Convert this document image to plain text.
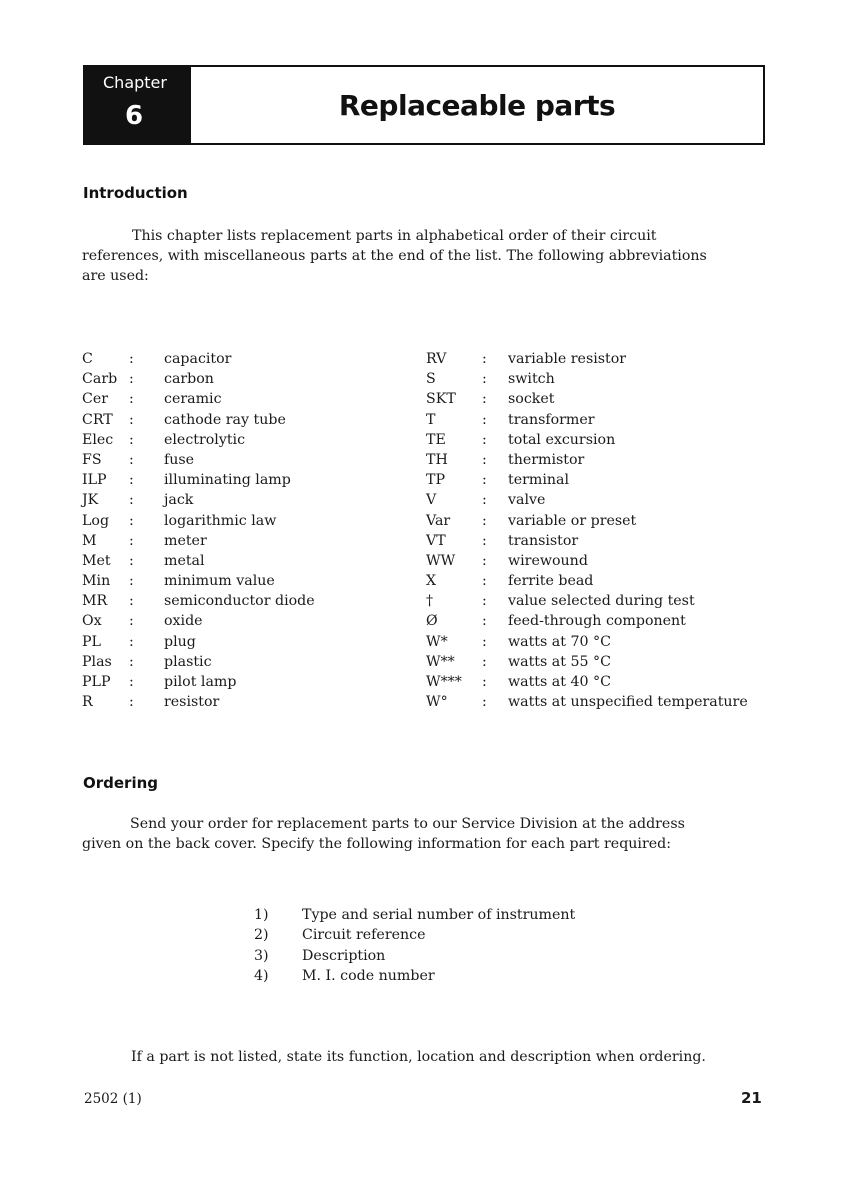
Chapter
6	Replaceable parts
Introduction
This chapter lists replacement parts in alphabetical order of their circuit
references, with miscellaneous parts at the end of the list. The following abbreviations
are used:
C	: capacitor
Carb : carbon
Cer : ceramic
CRT : cathode ray tube
Elec : electrolytic
FS : fuse
ILP : illuminating lamp
JK : jack
Log : logarithmic law
M : meter
Met : metal
Min : minimum value
MR : semiconductor diode
Ox : oxide
PL : plug
Plas : plastic
PLP : pilot lamp
R	: resistor
RV	: variable resistor
S	: switch
SKT : socket
T	: transformer
TE	: total excursion
TH : thermistor
TP	: terminal
V	: valve
Var : variable or preset
VT	: transistor
WW : wirewound
X	: ferrite bead
†	: value selected during test
Ø	: feed-through component
W* : watts at 70 °C
W** : watts at 55 °C
W*** : watts at 40 °C
W° : watts at unspecified temperature
Ordering
Send your order for replacement parts to our Service Division at the address
given on the back cover. Specify the following information for each part required:
1) Type and serial number of instrument
2) Circuit reference
3) Description
4) M. I. code number
If a part is not listed, state its function, location and description when ordering.
2502 (1)	21
